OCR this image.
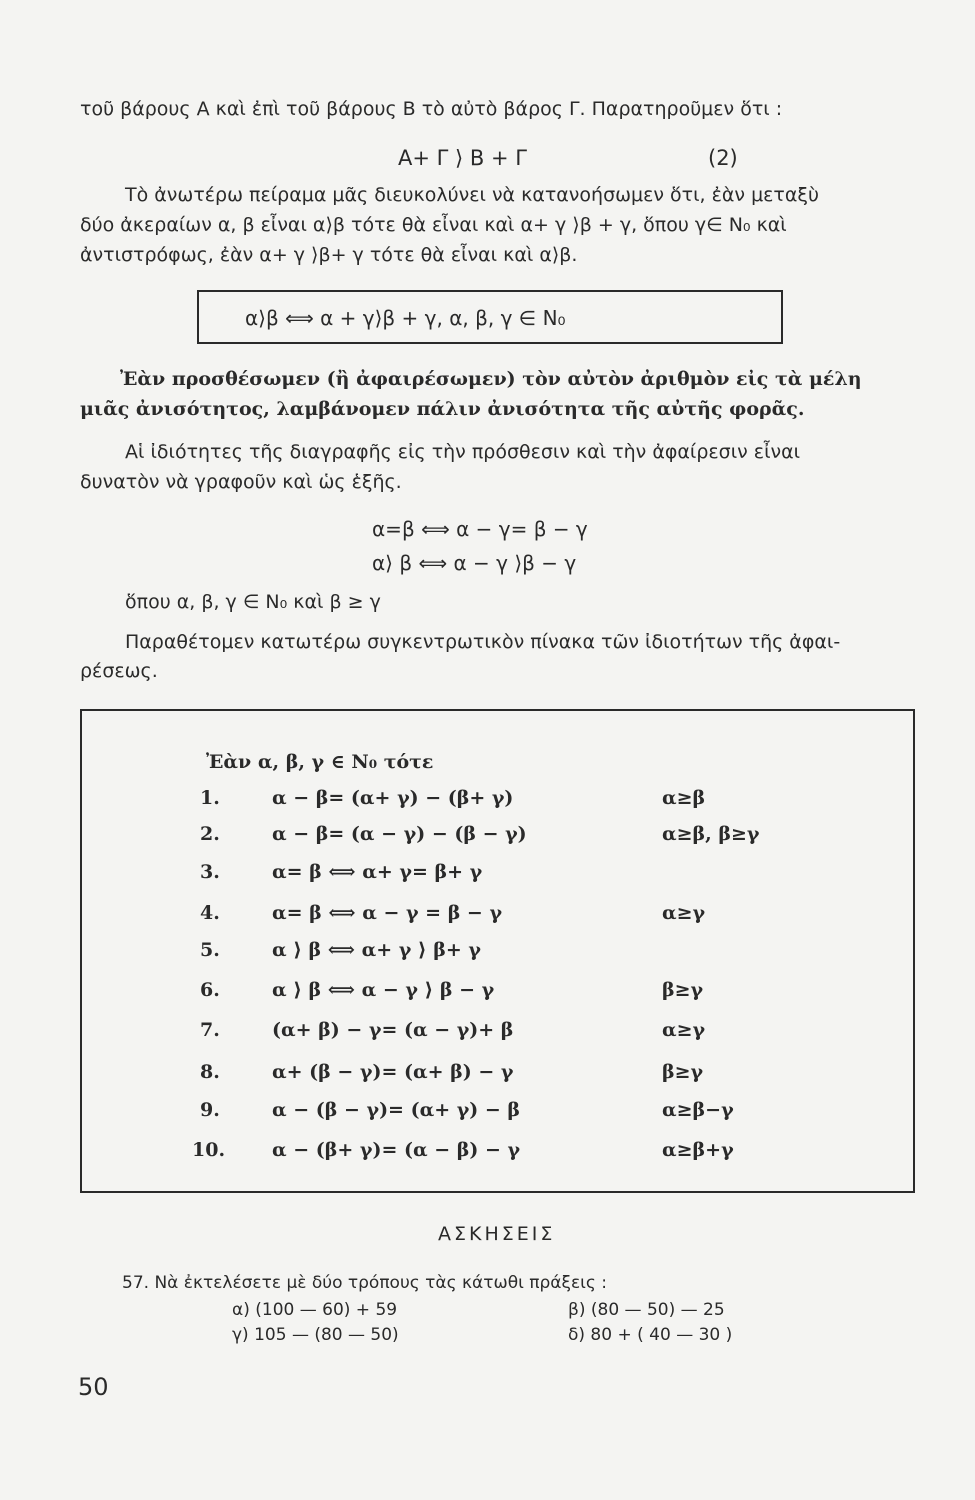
τοῦ βάρους Α καὶ ἐπὶ τοῦ βάρους Β τὸ αὐτὸ βάρος Γ. Παρατηροῦμεν ὅτι :
Α+ Γ ⟩ Β + Γ	(2)
Τὸ ἀνωτέρω πείραμα μᾶς διευκολύνει νὰ κατανοήσωμεν ὅτι, ἐὰν μεταξὺ
δύο ἀκεραίων α, β εἶναι α⟩β τότε θὰ εἶναι καὶ α+ γ ⟩β + γ, ὅπου γ∈ N₀ καὶ
ἀντιστρόφως, ἐὰν α+ γ ⟩β+ γ τότε θὰ εἶναι καὶ α⟩β.
α⟩β ⟺ α + γ⟩β + γ, α, β, γ ∈ N₀
Ἐὰν προσθέσωμεν (ἢ ἀφαιρέσωμεν) τὸν αὐτὸν ἀριθμὸν εἰς τὰ μέλη
μιᾶς ἀνισότητος, λαμβάνομεν πάλιν ἀνισότητα τῆς αὐτῆς φορᾶς.
Αἱ ἰδιότητες τῆς διαγραφῆς εἰς τὴν πρόσθεσιν καὶ τὴν ἀφαίρεσιν εἶναι
δυνατὸν νὰ γραφοῦν καὶ ὡς ἑξῆς.
α=β ⟺ α − γ= β − γ
α⟩ β ⟺ α − γ ⟩β − γ
ὅπου α, β, γ ∈ N₀ καὶ β ≥ γ
Παραθέτομεν κατωτέρω συγκεντρωτικὸν πίνακα τῶν ἰδιοτήτων τῆς ἀφαι-
ρέσεως.
Ἐὰν α, β, γ ∈ N₀ τότε
1.	α − β= (α+ γ) − (β+ γ)	α≥β
2.	α − β= (α − γ) − (β − γ)	α≥β, β≥γ
3.	α= β ⟺ α+ γ= β+ γ
4.	α= β ⟺ α − γ = β − γ	α≥γ
5.	α ⟩ β ⟺ α+ γ ⟩ β+ γ
6.	α ⟩ β ⟺ α − γ ⟩ β − γ	β≥γ
7.	(α+ β) − γ= (α − γ)+ β	α≥γ
8.	α+ (β − γ)= (α+ β) − γ	β≥γ
9.	α − (β − γ)= (α+ γ) − β	α≥β−γ
10. α − (β+ γ)= (α − β) − γ	α≥β+γ
ΑΣΚΗΣΕΙΣ
57. Νὰ ἐκτελέσετε μὲ δύο τρόπους τὰς κάτωθι πράξεις :
α) (100 — 60) + 59	β) (80 — 50) — 25
γ) 105 — (80 — 50)	δ) 80 + ( 40 — 30 )
50
